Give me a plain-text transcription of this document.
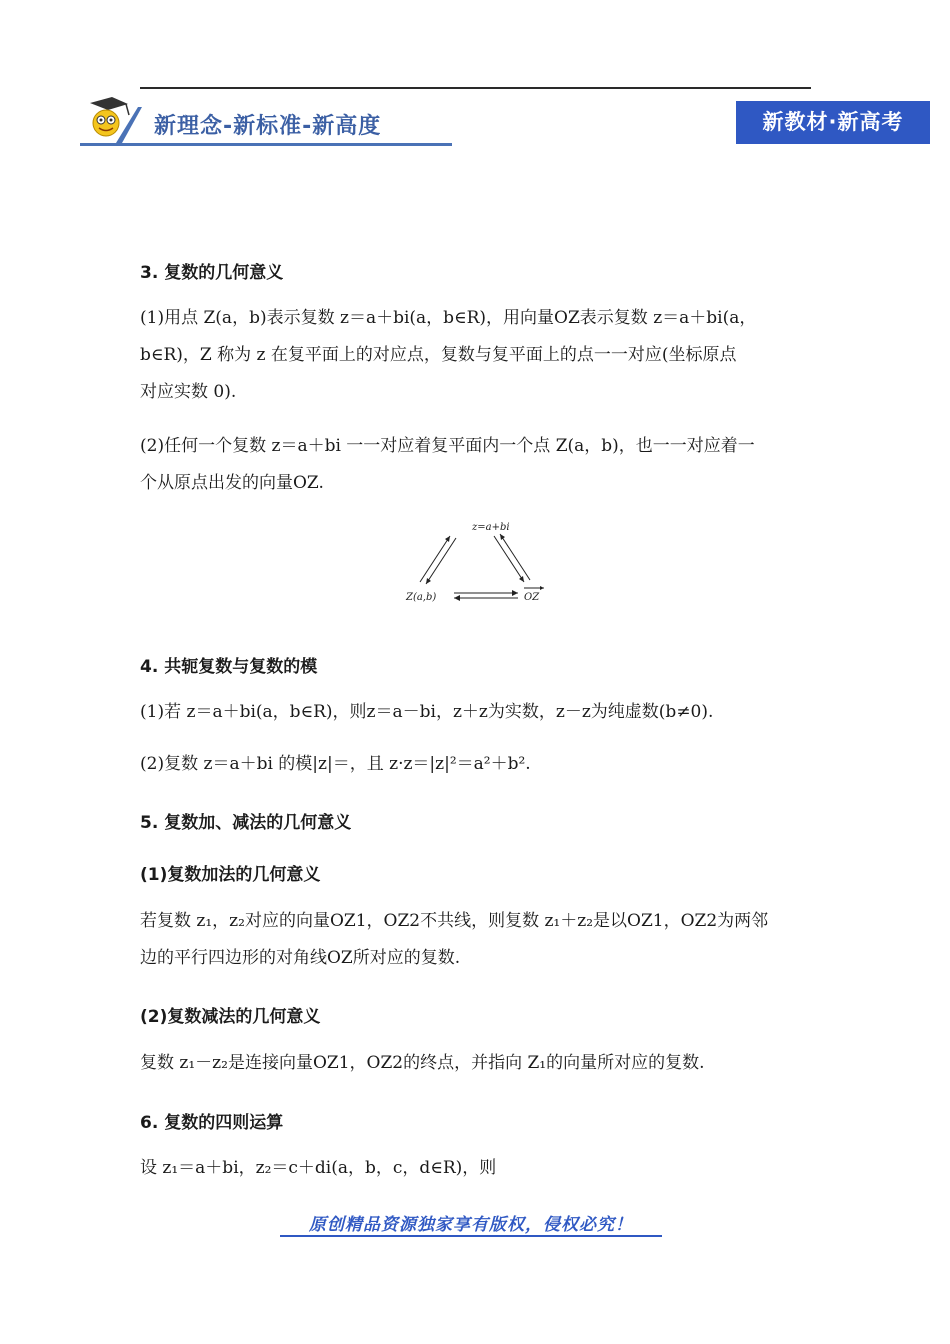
新理念-新标准-新高度	新教材·新高考
3. 复数的几何意义
(1)用点 Z(a，b)表示复数 z＝a＋bi(a，b∈R)，用向量OZ表示复数 z＝a＋bi(a，
b∈R)，Z 称为 z 在复平面上的对应点，复数与复平面上的点一一对应(坐标原点
对应实数 0).
(2)任何一个复数 z＝a＋bi 一一对应着复平面内一个点 Z(a，b)，也一一对应着一
个从原点出发的向量OZ.
4. 共轭复数与复数的模
(1)若 z＝a＋bi(a，b∈R)，则z＝a－bi，z＋z为实数，z－z为纯虚数(b≠0).
(2)复数 z＝a＋bi 的模|z|＝，且 z·z＝|z|²＝a²＋b².
5. 复数加、减法的几何意义
(1)复数加法的几何意义
若复数 z₁，z₂对应的向量OZ1，OZ2不共线，则复数 z₁＋z₂是以OZ1，OZ2为两邻
边的平行四边形的对角线OZ所对应的复数.
(2)复数减法的几何意义
复数 z₁－z₂是连接向量OZ1，OZ2的终点，并指向 Z₁的向量所对应的复数.
6. 复数的四则运算
设 z₁＝a＋bi，z₂＝c＋di(a，b，c，d∈R)，则
z=a+bi
Z(a,b)	OZ
原创精品资源独家享有版权，侵权必究！
